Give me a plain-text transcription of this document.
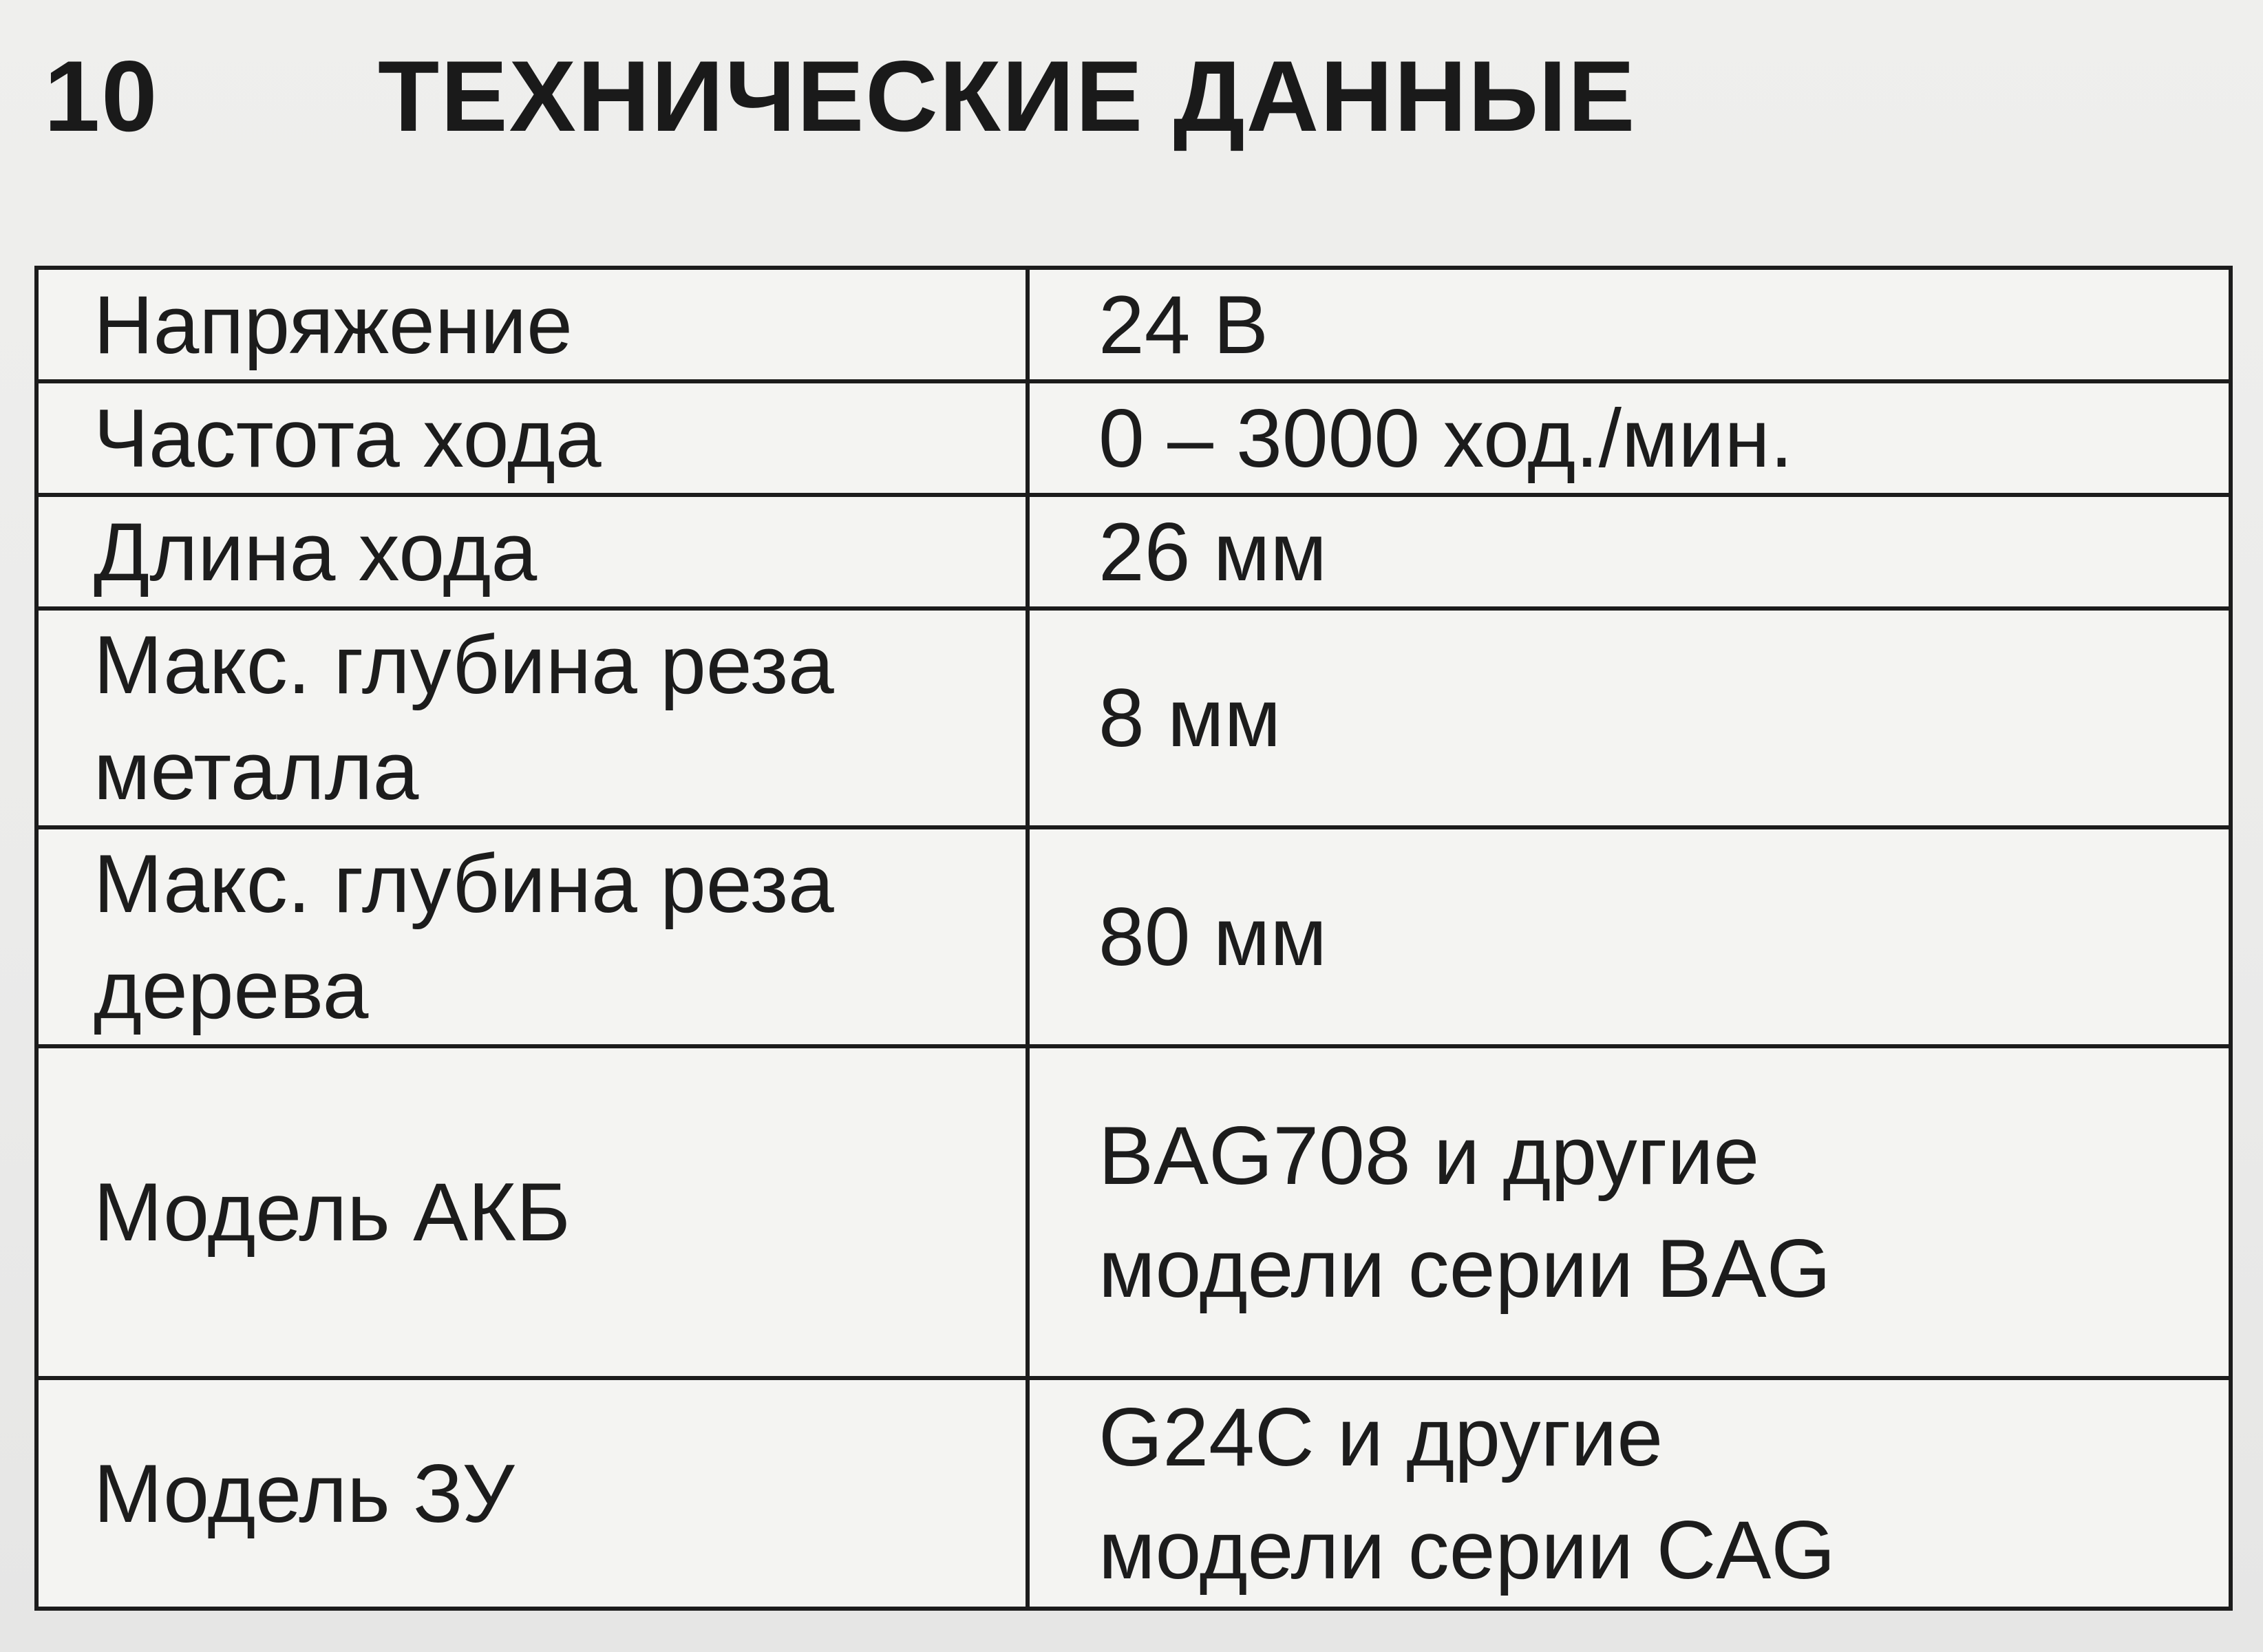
10	ТЕХНИЧЕСКИЕ ДАННЫЕ
Напряжение	24 В
Частота хода	0 – 3000 ход./мин.
Длина хода	26 мм
Макс. глубина реза
металла	8 мм
Макс. глубина реза
дерева	80 мм
Модель АКБ	BAG708 и другие
модели серии BAG
Модель ЗУ	G24C и другие
модели серии CAG
